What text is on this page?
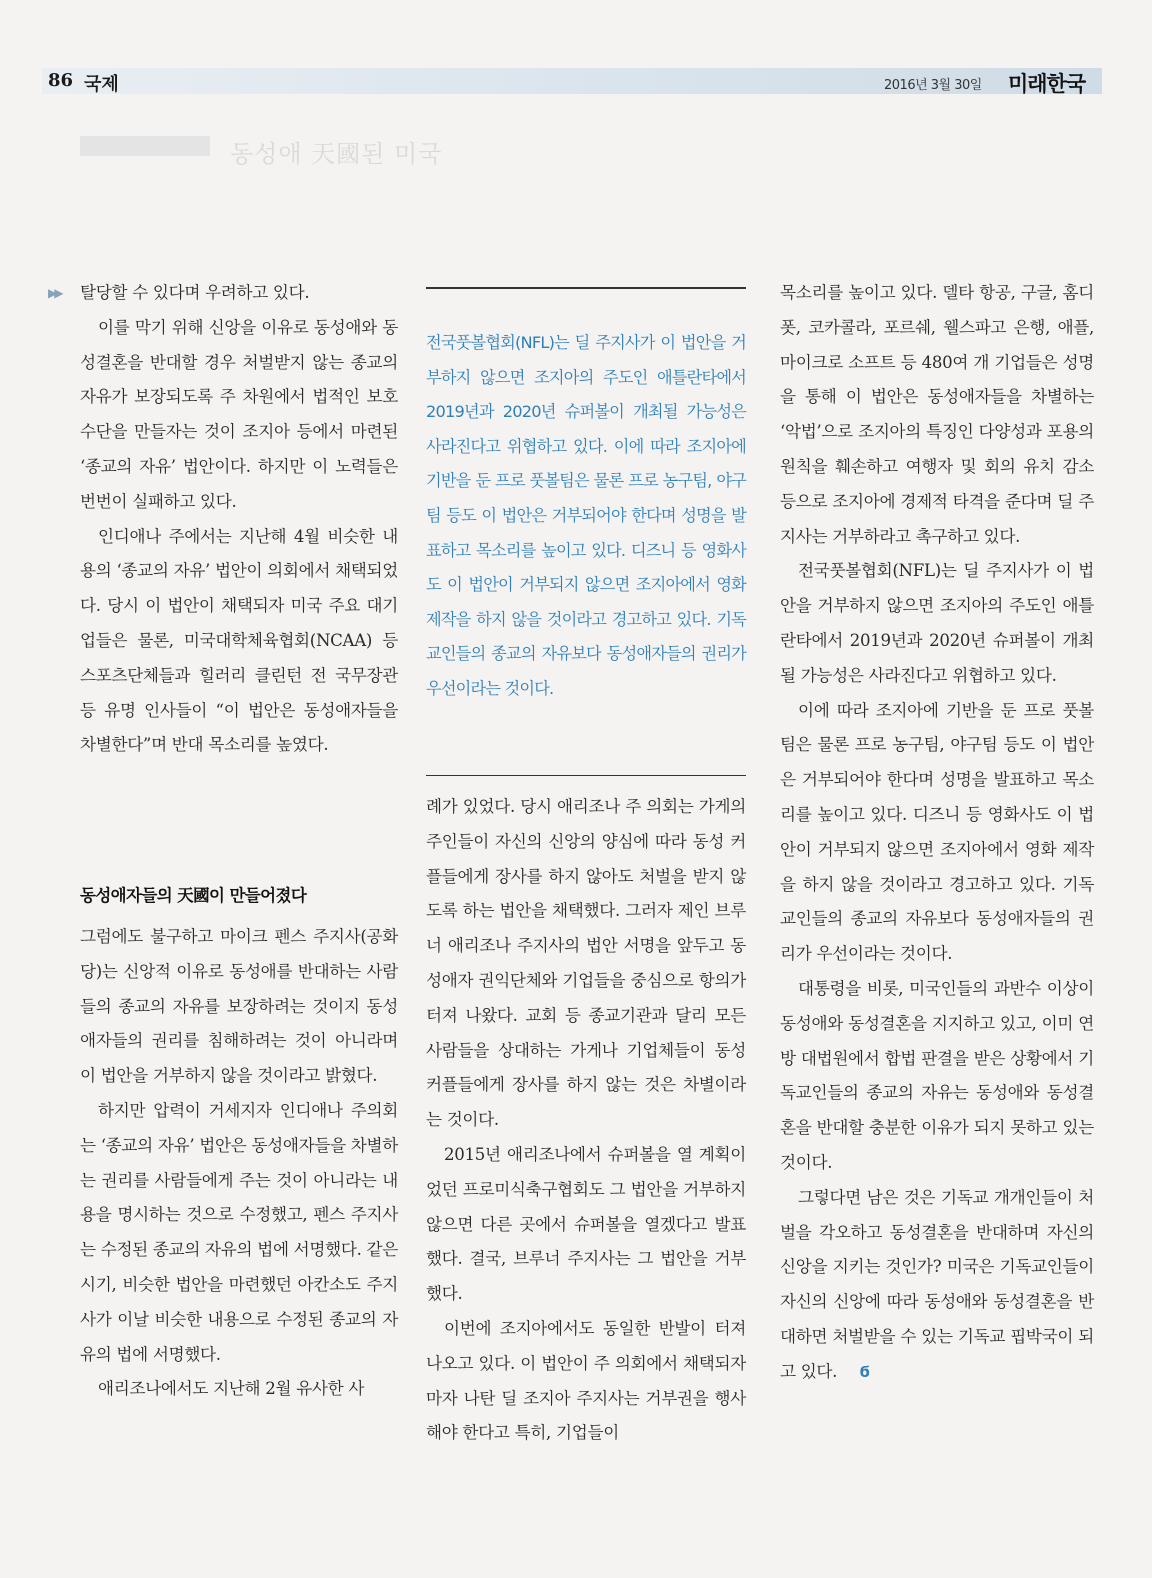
86 국제	2016년 3월 30일 미래한국
동성애 天國된 미국
▶▶ 탈당할 수 있다며 우려하고 있다.

이를 막기 위해 신앙을 이유로 동성애와 동성결혼을 반대할 경우 처벌받지 않는 종교의 자유가 보장되도록 주 차원에서 법적인 보호 수단을 만들자는 것이 조지아 등에서 마련된 ‘종교의 자유’ 법안이다. 하지만 이 노력들은 번번이 실패하고 있다.

인디애나 주에서는 지난해 4월 비슷한 내용의 ‘종교의 자유’ 법안이 의회에서 채택되었다. 당시 이 법안이 채택되자 미국 주요 대기업들은 물론, 미국대학체육협회(NCAA) 등 스포츠단체들과 힐러리 클린턴 전 국무장관 등 유명 인사들이 “이 법안은 동성애자들을 차별한다”며 반대 목소리를 높였다.

동성애자들의 天國이 만들어졌다

그럼에도 불구하고 마이크 펜스 주지사(공화당)는 신앙적 이유로 동성애를 반대하는 사람들의 종교의 자유를 보장하려는 것이지 동성애자들의 권리를 침해하려는 것이 아니라며 이 법안을 거부하지 않을 것이라고 밝혔다.

하지만 압력이 거세지자 인디애나 주의회는 ‘종교의 자유’ 법안은 동성애자들을 차별하는 권리를 사람들에게 주는 것이 아니라는 내용을 명시하는 것으로 수정했고, 펜스 주지사는 수정된 종교의 자유의 법에 서명했다. 같은 시기, 비슷한 법안을 마련했던 아칸소도 주지사가 이날 비슷한 내용으로 수정된 종교의 자유의 법에 서명했다.

애리조나에서도 지난해 2월 유사한 사

전국풋볼협회(NFL)는 딜 주지사가 이 법안을 거부하지 않으면 조지아의 주도인 애틀란타에서 2019년과 2020년 슈퍼볼이 개최될 가능성은 사라진다고 위협하고 있다. 이에 따라 조지아에 기반을 둔 프로 풋볼팀은 물론 프로 농구팀, 야구팀 등도 이 법안은 거부되어야 한다며 성명을 발표하고 목소리를 높이고 있다. 디즈니 등 영화사도 이 법안이 거부되지 않으면 조지아에서 영화 제작을 하지 않을 것이라고 경고하고 있다. 기독교인들의 종교의 자유보다 동성애자들의 권리가 우선이라는 것이다.

례가 있었다. 당시 애리조나 주 의회는 가게의 주인들이 자신의 신앙의 양심에 따라 동성 커플들에게 장사를 하지 않아도 처벌을 받지 않도록 하는 법안을 채택했다. 그러자 제인 브루너 애리조나 주지사의 법안 서명을 앞두고 동성애자 권익단체와 기업들을 중심으로 항의가 터져 나왔다. 교회 등 종교기관과 달리 모든 사람들을 상대하는 가게나 기업체들이 동성 커플들에게 장사를 하지 않는 것은 차별이라는 것이다.

2015년 애리조나에서 슈퍼볼을 열 계획이었던 프로미식축구협회도 그 법안을 거부하지 않으면 다른 곳에서 슈퍼볼을 열겠다고 발표했다. 결국, 브루너 주지사는 그 법안을 거부했다.

이번에 조지아에서도 동일한 반발이 터져 나오고 있다. 이 법안이 주 의회에서 채택되자마자 나탄 딜 조지아 주지사는 거부권을 행사해야 한다고 특히, 기업들이

목소리를 높이고 있다. 델타 항공, 구글, 홈디폿, 코카콜라, 포르쉐, 웰스파고 은행, 애플, 마이크로 소프트 등 480여 개 기업들은 성명을 통해 이 법안은 동성애자들을 차별하는 ‘악법’으로 조지아의 특징인 다양성과 포용의 원칙을 훼손하고 여행자 및 회의 유치 감소 등으로 조지아에 경제적 타격을 준다며 딜 주지사는 거부하라고 촉구하고 있다.

전국풋볼협회(NFL)는 딜 주지사가 이 법안을 거부하지 않으면 조지아의 주도인 애틀란타에서 2019년과 2020년 슈퍼볼이 개최될 가능성은 사라진다고 위협하고 있다.

이에 따라 조지아에 기반을 둔 프로 풋볼 팀은 물론 프로 농구팀, 야구팀 등도 이 법안은 거부되어야 한다며 성명을 발표하고 목소리를 높이고 있다. 디즈니 등 영화사도 이 법안이 거부되지 않으면 조지아에서 영화 제작을 하지 않을 것이라고 경고하고 있다. 기독교인들의 종교의 자유보다 동성애자들의 권리가 우선이라는 것이다.

대통령을 비롯, 미국인들의 과반수 이상이 동성애와 동성결혼을 지지하고 있고, 이미 연방 대법원에서 합법 판결을 받은 상황에서 기독교인들의 종교의 자유는 동성애와 동성결혼을 반대할 충분한 이유가 되지 못하고 있는 것이다.

그렇다면 남은 것은 기독교 개개인들이 처벌을 각오하고 동성결혼을 반대하며 자신의 신앙을 지키는 것인가? 미국은 기독교인들이 자신의 신앙에 따라 동성애와 동성결혼을 반대하면 처벌받을 수 있는 기독교 핍박국이 되고 있다. ϭ
